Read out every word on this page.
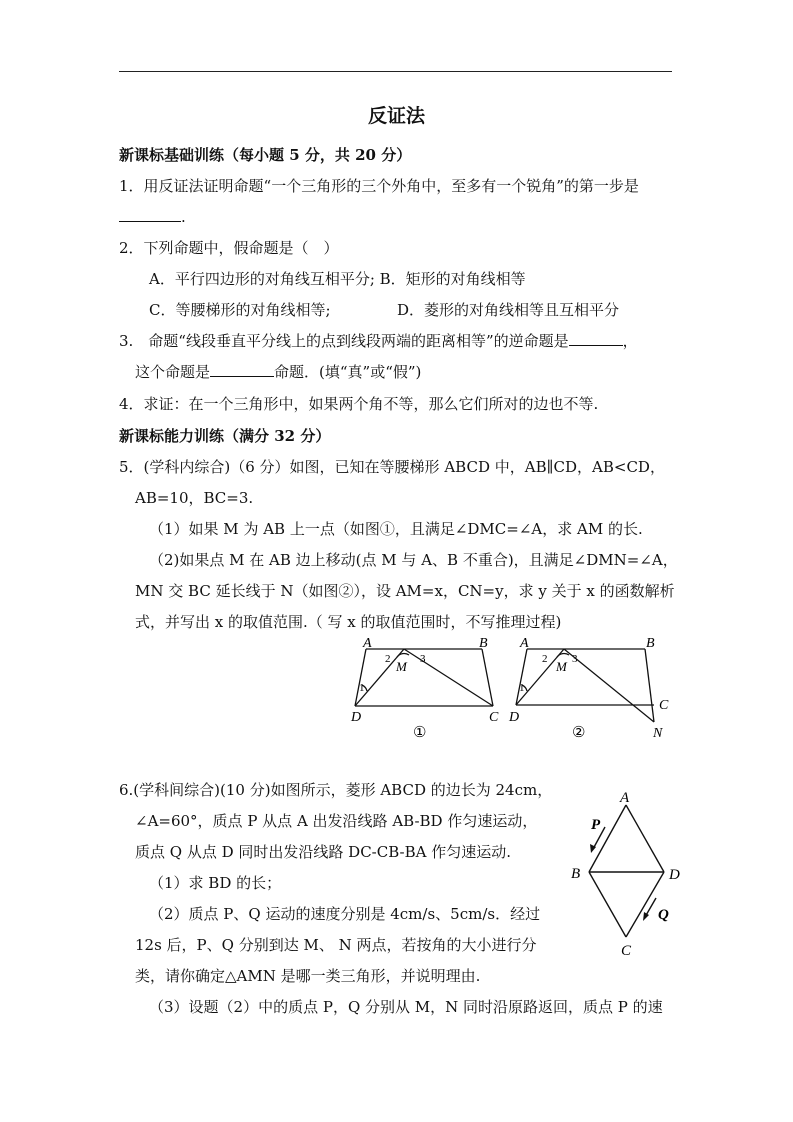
反证法
新课标基础训练（每小题 5 分，共 20 分）
1．用反证法证明命题“一个三角形的三个外角中，至多有一个锐角”的第一步是
.
2．下列命题中，假命题是（　）
A．平行四边形的对角线互相平分; B．矩形的对角线相等
C．等腰梯形的对角线相等;	D．菱形的对角线相等且互相平分
3.　命题“线段垂直平分线上的点到线段两端的距离相等”的逆命题是	，
这个命题是	命题．(填“真”或“假”)
4．求证：在一个三角形中，如果两个角不等，那么它们所对的边也不等.
新课标能力训练（满分 32 分）
5．(学科内综合)（6 分）如图，已知在等腰梯形 ABCD 中，AB∥CD，AB<CD，
AB=10，BC=3.
（1）如果 M 为 AB 上一点（如图①，且满足∠DMC=∠A，求 AM 的长.
（2)如果点 M 在 AB 边上移动(点 M 与 A、B 不重合)，且满足∠DMN=∠A，
MN 交 BC 延长线于 N（如图②），设 AM=x，CN=y，求 y 关于 x 的函数解析
式，并写出 x 的取值范围.（ 写 x 的取值范围时，不写推理过程)
A	B
C
D
M
1
2	3
①
A	B
C
D
N
M
1
2 3
②
6.(学科间综合)(10 分)如图所示，菱形 ABCD 的边长为 24cm，
∠A=60°，质点 P 从点 A 出发沿线路 AB-BD 作匀速运动，
质点 Q 从点 D 同时出发沿线路 DC-CB-BA 作匀速运动.
（1）求 BD 的长；
（2）质点 P、Q 运动的速度分别是 4cm/s、5cm/s．经过
12s 后，P、Q 分别到达 M、 N 两点，若按角的大小进行分
类，请你确定△AMN 是哪一类三角形，并说明理由.
（3）设题（2）中的质点 P，Q 分别从 M，N 同时沿原路返回，质点 P 的速
A
B	D
C
P
Q
